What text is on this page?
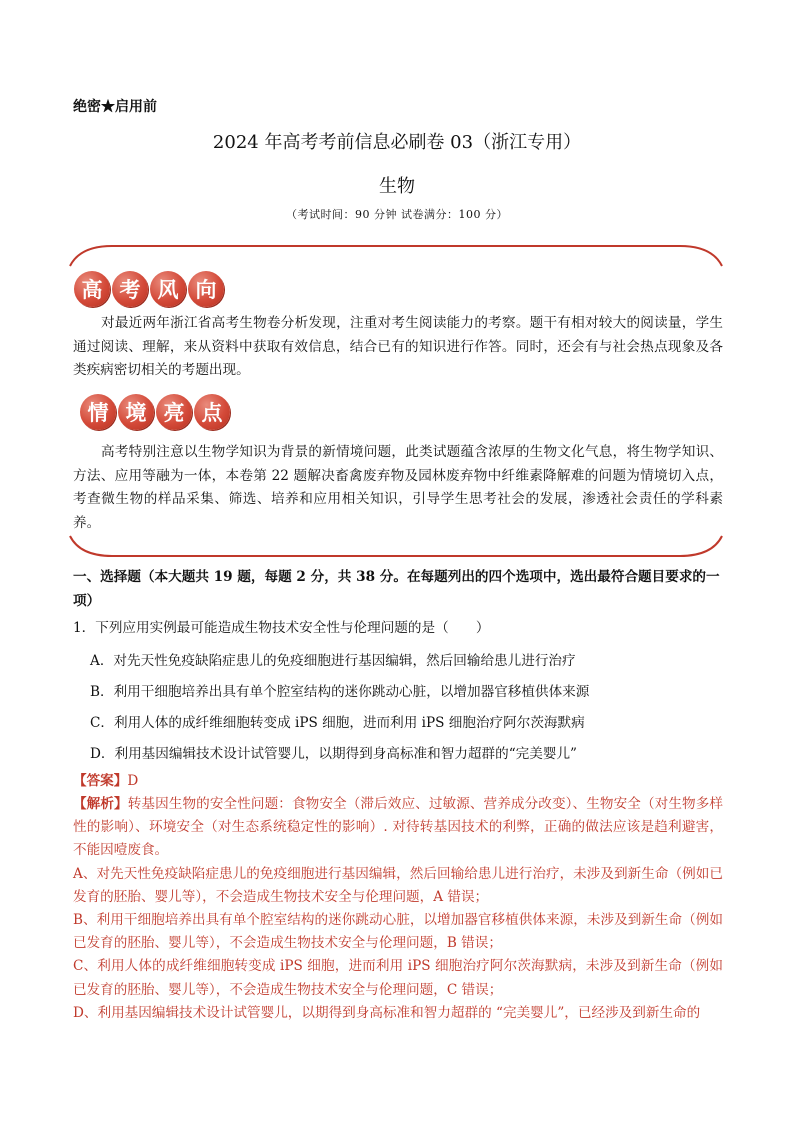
绝密★启用前
2024 年高考考前信息必刷卷 03（浙江专用）
生物
（考试时间：90 分钟 试卷满分：100 分）
高 考 风 向
对最近两年浙江省高考生物卷分析发现，注重对考生阅读能力的考察。题干有相对较大的阅读量，学生通过阅读、理解，来从资料中获取有效信息，结合已有的知识进行作答。同时，还会有与社会热点现象及各类疾病密切相关的考题出现。
情 境 亮 点
高考特别注意以生物学知识为背景的新情境问题，此类试题蕴含浓厚的生物文化气息，将生物学知识、方法、应用等融为一体，本卷第 22 题解决畜禽废弃物及园林废弃物中纤维素降解难的问题为情境切入点，考查微生物的样品采集、筛选、培养和应用相关知识，引导学生思考社会的发展，渗透社会责任的学科素养。
一、选择题（本大题共 19 题，每题 2 分，共 38 分。在每题列出的四个选项中，选出最符合题目要求的一项）
1．下列应用实例最可能造成生物技术安全性与伦理问题的是（　　）
A．对先天性免疫缺陷症患儿的免疫细胞进行基因编辑，然后回输给患儿进行治疗
B．利用干细胞培养出具有单个腔室结构的迷你跳动心脏，以增加器官移植供体来源
C．利用人体的成纤维细胞转变成 iPS 细胞，进而利用 iPS 细胞治疗阿尔茨海默病
D．利用基因编辑技术设计试管婴儿，以期得到身高标准和智力超群的“完美婴儿”
【答案】D

【解析】转基因生物的安全性问题：食物安全（滞后效应、过敏源、营养成分改变）、生物安全（对生物多样性的影响）、环境安全（对生态系统稳定性的影响）. 对待转基因技术的利弊，正确的做法应该是趋利避害，不能因噎废食。

A、对先天性免疫缺陷症患儿的免疫细胞进行基因编辑，然后回输给患儿进行治疗，未涉及到新生命（例如已发育的胚胎、婴儿等），不会造成生物技术安全与伦理问题，A 错误；

B、利用干细胞培养出具有单个腔室结构的迷你跳动心脏，以增加器官移植供体来源，未涉及到新生命（例如已发育的胚胎、婴儿等），不会造成生物技术安全与伦理问题，B 错误；

C、利用人体的成纤维细胞转变成 iPS 细胞，进而利用 iPS 细胞治疗阿尔茨海默病，未涉及到新生命（例如已发育的胚胎、婴儿等），不会造成生物技术安全与伦理问题，C 错误；

D、利用基因编辑技术设计试管婴儿，以期得到身高标准和智力超群的 “完美婴儿”，已经涉及到新生命的
